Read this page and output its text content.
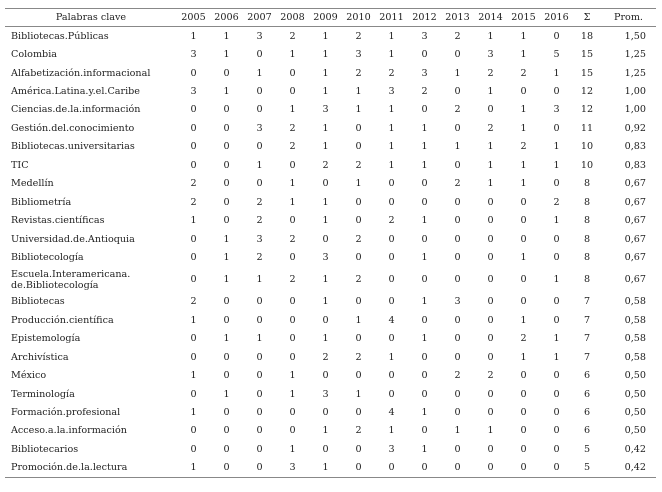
Palabras clave	2005	2006	2007	2008	2009	2010	2011	2012	2013	2014	2015	2016	Σ	Prom.
Bibliotecas.Públicas	1	1	3	2	1	2	1	3	2	1	1	0	18	1,50
Colombia	3	1	0	1	1	3	1	0	0	3	1	5	15	1,25
Alfabetización.informacional	0	0	1	0	1	2	2	3	1	2	2	1	15	1,25
América.Latina.y.el.Caribe	3	1	0	0	1	1	3	2	0	1	0	0	12	1,00
Ciencias.de.la.información	0	0	0	1	3	1	1	0	2	0	1	3	12	1,00
Gestión.del.conocimiento	0	0	3	2	1	0	1	1	0	2	1	0	11	0,92
Bibliotecas.universitarias	0	0	0	2	1	0	1	1	1	1	2	1	10	0,83
TIC	0	0	1	0	2	2	1	1	0	1	1	1	10	0,83
Medellín	2	0	0	1	0	1	0	0	2	1	1	0	8	0,67
Bibliometría	2	0	2	1	1	0	0	0	0	0	0	2	8	0,67
Revistas.científicas	1	0	2	0	1	0	2	1	0	0	0	1	8	0,67
Universidad.de.Antioquia	0	1	3	2	0	2	0	0	0	0	0	0	8	0,67
Bibliotecología	0	1	2	0	3	0	0	1	0	0	1	0	8	0,67
Escuela.Interamericana.
de.Bibliotecología	0	1	1	2	1	2	0	0	0	0	0	1	8	0,67
Bibliotecas	2	0	0	0	1	0	0	1	3	0	0	0	7	0,58
Producción.científica	1	0	0	0	0	1	4	0	0	0	1	0	7	0,58
Epistemología	0	1	1	0	1	0	0	1	0	0	2	1	7	0,58
Archivística	0	0	0	0	2	2	1	0	0	0	1	1	7	0,58
México	1	0	0	1	0	0	0	0	2	2	0	0	6	0,50
Terminología	0	1	0	1	3	1	0	0	0	0	0	0	6	0,50
Formación.profesional	1	0	0	0	0	0	4	1	0	0	0	0	6	0,50
Acceso.a.la.información	0	0	0	0	1	2	1	0	1	1	0	0	6	0,50
Bibliotecarios	0	0	0	1	0	0	3	1	0	0	0	0	5	0,42
Promoción.de.la.lectura	1	0	0	3	1	0	0	0	0	0	0	0	5	0,42
